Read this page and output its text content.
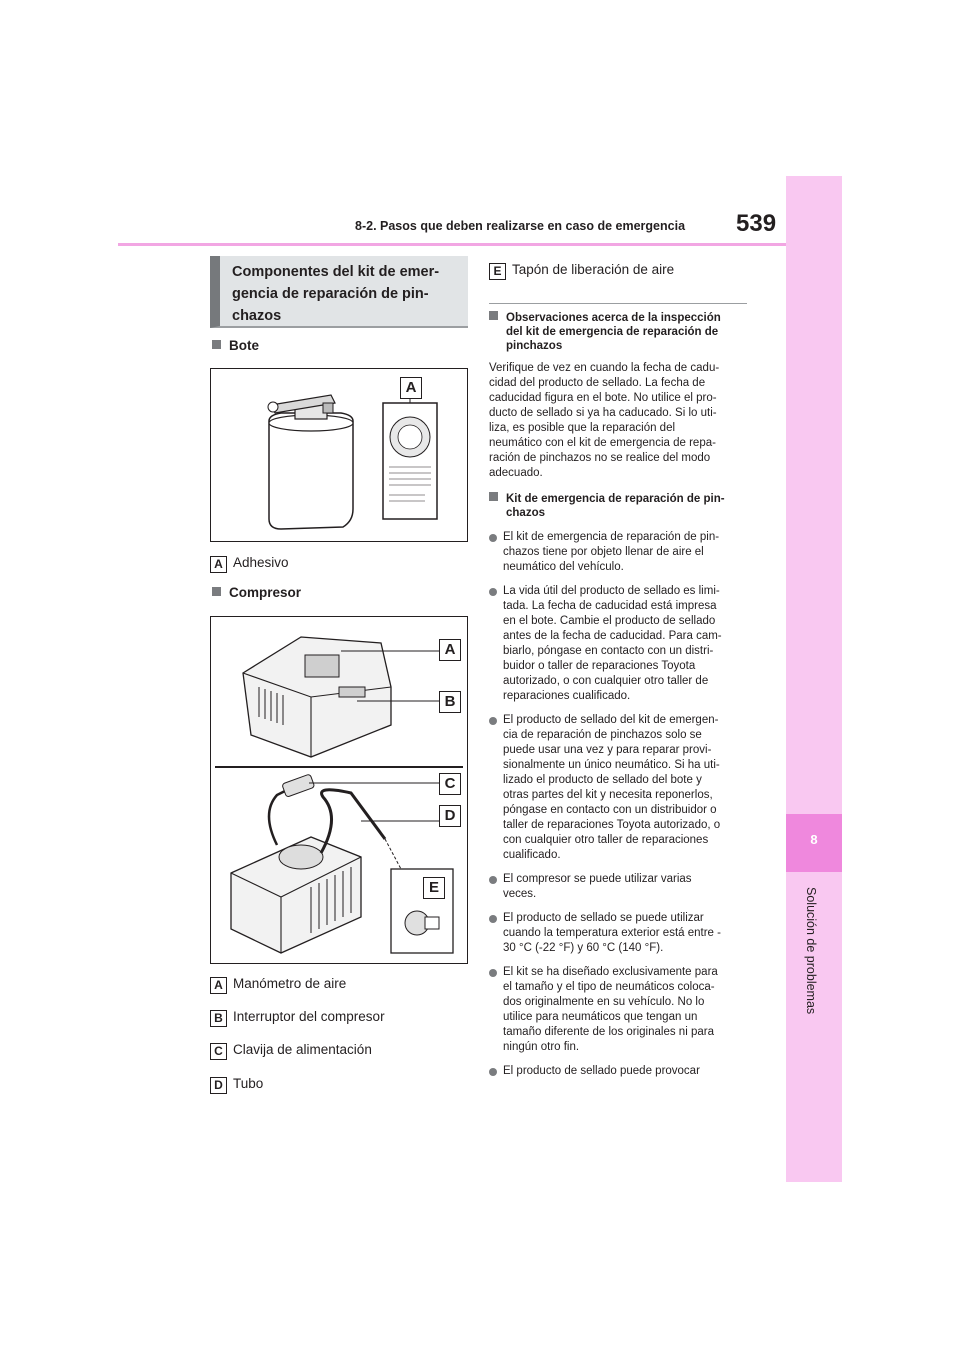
8-2. Pasos que deben realizarse en caso de emergencia 539
8
Solución de problemas
Componentes del kit de emer-
gencia de reparación de pin-
chazos
Bote
A
A Adhesivo
Compresor
A
B
C
D
E
A Manómetro de aire
B Interruptor del compresor
C Clavija de alimentación
D Tubo
E Tapón de liberación de aire
Observaciones acerca de la inspección
del kit de emergencia de reparación de
pinchazos
Verifique de vez en cuando la fecha de cadu-
cidad del producto de sellado. La fecha de
caducidad figura en el bote. No utilice el pro-
ducto de sellado si ya ha caducado. Si lo uti-
liza, es posible que la reparación del
neumático con el kit de emergencia de repa-
ración de pinchazos no se realice del modo
adecuado.
Kit de emergencia de reparación de pin-
chazos
El kit de emergencia de reparación de pin-
chazos tiene por objeto llenar de aire el
neumático del vehículo.
La vida útil del producto de sellado es limi-
tada. La fecha de caducidad está impresa
en el bote. Cambie el producto de sellado
antes de la fecha de caducidad. Para cam-
biarlo, póngase en contacto con un distri-
buidor o taller de reparaciones Toyota
autorizado, o con cualquier otro taller de
reparaciones cualificado.
El producto de sellado del kit de emergen-
cia de reparación de pinchazos solo se
puede usar una vez y para reparar provi-
sionalmente un único neumático. Si ha uti-
lizado el producto de sellado del bote y
otras partes del kit y necesita reponerlos,
póngase en contacto con un distribuidor o
taller de reparaciones Toyota autorizado, o
con cualquier otro taller de reparaciones
cualificado.
El compresor se puede utilizar varias
veces.
El producto de sellado se puede utilizar
cuando la temperatura exterior está entre -
30 °C (-22 °F) y 60 °C (140 °F).
El kit se ha diseñado exclusivamente para
el tamaño y el tipo de neumáticos coloca-
dos originalmente en su vehículo. No lo
utilice para neumáticos que tengan un
tamaño diferente de los originales ni para
ningún otro fin.
El producto de sellado puede provocar
